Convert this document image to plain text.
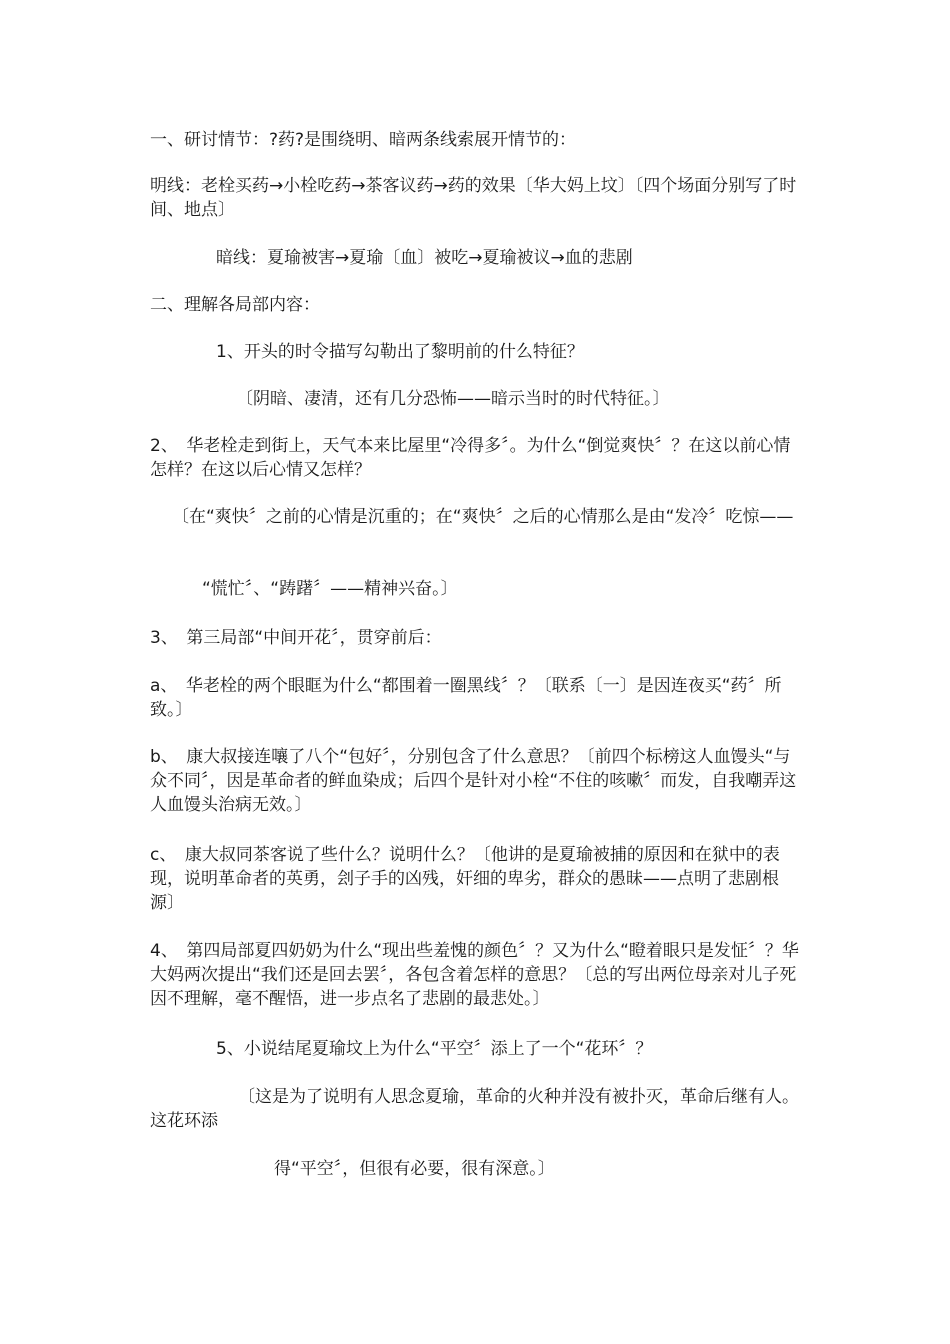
一、研讨情节：?药?是围绕明、暗两条线索展开情节的：

明线：老栓买药→小栓吃药→茶客议药→药的效果〔华大妈上坟〕〔四个场面分别写了时间、地点〕

暗线：夏瑜被害→夏瑜〔血〕被吃→夏瑜被议→血的悲剧

二、理解各局部内容：

1、开头的时令描写勾勒出了黎明前的什么特征？

〔阴暗、凄清，还有几分恐怖——暗示当时的时代特征。〕

2、　华老栓走到街上，天气本来比屋里“冷得多〞。为什么“倒觉爽快〞？在这以前心情怎样？在这以后心情又怎样？

〔在“爽快〞之前的心情是沉重的；在“爽快〞之后的心情那么是由“发冷〞吃惊——

“慌忙〞、“踌躇〞——精神兴奋。〕

3、　第三局部“中间开花〞，贯穿前后：

a、　华老栓的两个眼眶为什么“都围着一圈黑线〞？〔联系〔一〕是因连夜买“药〞所致。〕

b、　康大叔接连嚷了八个“包好〞，分别包含了什么意思？〔前四个标榜这人血馒头“与众不同〞，因是革命者的鲜血染成；后四个是针对小栓“不住的咳嗽〞而发，自我嘲弄这人血馒头治病无效。〕

c、　康大叔同茶客说了些什么？说明什么？〔他讲的是夏瑜被捕的原因和在狱中的表现，说明革命者的英勇，刽子手的凶残，奸细的卑劣，群众的愚昧——点明了悲剧根源〕

4、　第四局部夏四奶奶为什么“现出些羞愧的颜色〞？又为什么“瞪着眼只是发怔〞？华大妈两次提出“我们还是回去罢〞，各包含着怎样的意思？〔总的写出两位母亲对儿子死因不理解，毫不醒悟，进一步点名了悲剧的最悲处。〕

5、小说结尾夏瑜坟上为什么“平空〞添上了一个“花环〞？

〔这是为了说明有人思念夏瑜，革命的火种并没有被扑灭，革命后继有人。这花环添

得“平空〞，但很有必要，很有深意。〕
